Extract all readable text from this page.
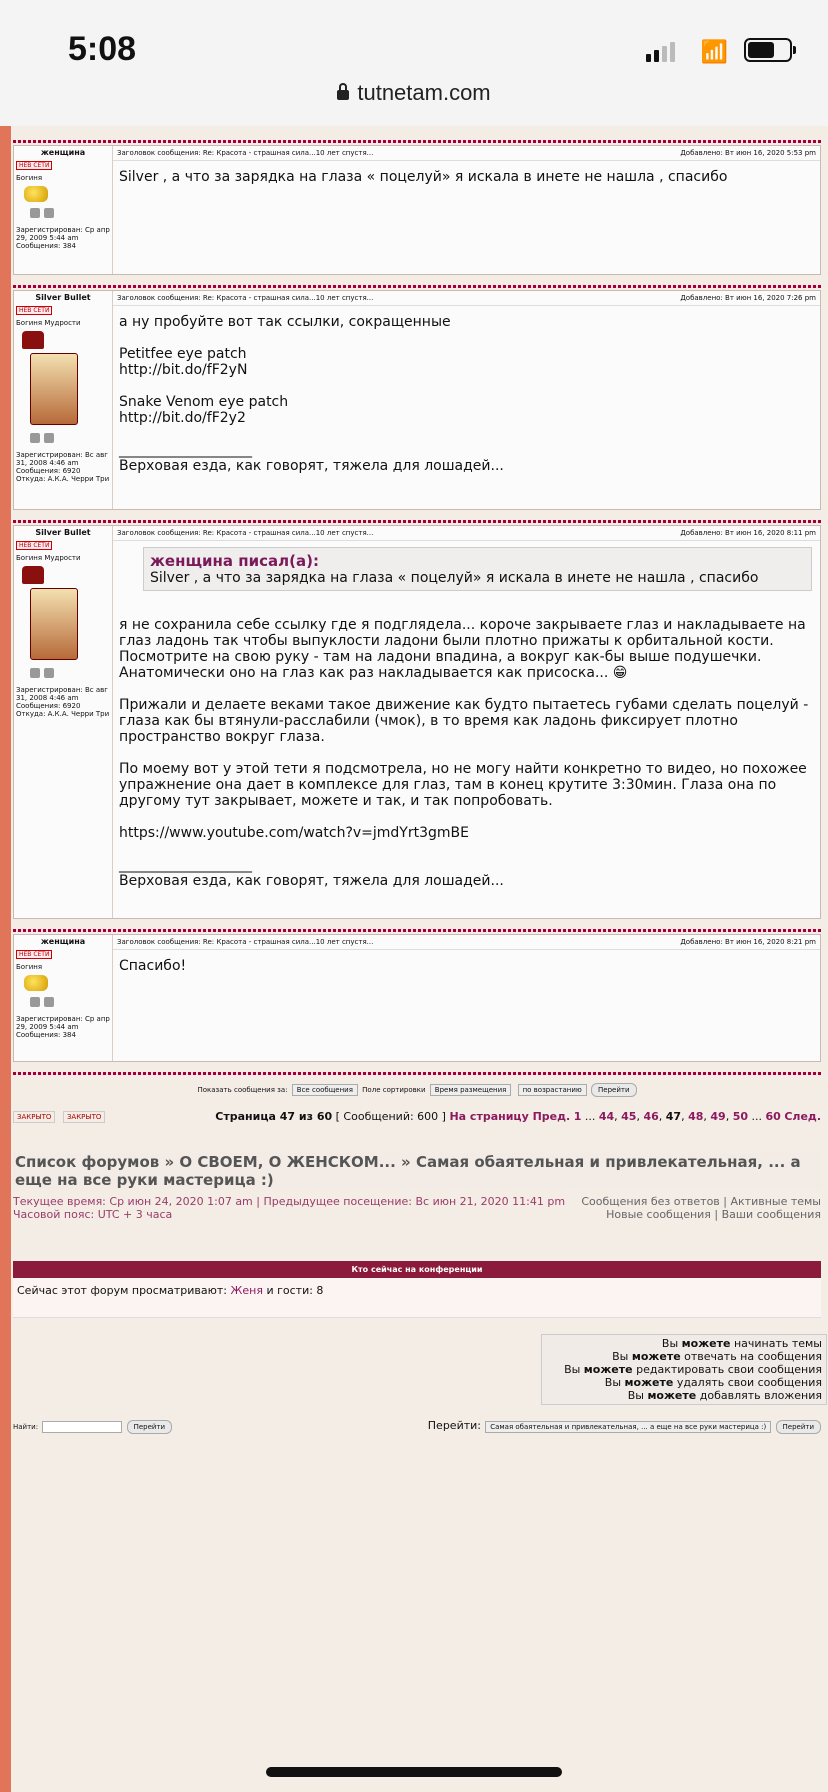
5:08	📶
tutnetam.com
женщина
НЕВ СЕТИ
Богиня
Зарегистрирован: Ср апр 29, 2009 5:44 am
Сообщения: 384
Заголовок сообщения: Re: Красота - страшная сила...10 лет спустя...	Добавлено: Вт июн 16, 2020 5:53 pm
Silver , а что за зарядка на глаза « поцелуй» я искала в инете не нашла , спасибо
Silver Bullet
НЕВ СЕТИ
Богиня Мудрости
Зарегистрирован: Вс авг 31, 2008 4:46 am
Сообщения: 6920
Откуда: А.К.А. Черри Три
Заголовок сообщения: Re: Красота - страшная сила...10 лет спустя...	Добавлено: Вт июн 16, 2020 7:26 pm
а ну пробуйте вот так ссылки, сокращенные

Petitfee eye patch
http://bit.do/fF2yN

Snake Venom eye patch
http://bit.do/fF2y2

___________________
Верховая езда, как говорят, тяжела для лошадей...
Silver Bullet
НЕВ СЕТИ
Богиня Мудрости
Зарегистрирован: Вс авг 31, 2008 4:46 am
Сообщения: 6920
Откуда: А.К.А. Черри Три
Заголовок сообщения: Re: Красота - страшная сила...10 лет спустя...	Добавлено: Вт июн 16, 2020 8:11 pm
женщина писал(а):
Silver , а что за зарядка на глаза « поцелуй» я искала в инете не нашла , спасибо
я не сохранила себе ссылку где я подглядела... короче закрываете глаз и накладываете на глаз ладонь так чтобы выпуклости ладони были плотно прижаты к орбитальной кости. Посмотрите на свою руку - там на ладони впадина, а вокруг как-бы выше подушечки. Анатомически оно на глаз как раз накладывается как присоска... 😁

Прижали и делаете веками такое движение как будто пытаетесь губами сделать поцелуй - глаза как бы втянули-расслабили (чмок), в то время как ладонь фиксирует плотно пространство вокруг глаза.

По моему вот у этой тети я подсмотрела, но не могу найти конкретно то видео, но похожее упражнение она дает в комплексе для глаз, там в конец крутите 3:30мин. Глаза она по другому тут закрывает, можете и так, и так попробовать.

https://www.youtube.com/watch?v=jmdYrt3gmBE

___________________
Верховая езда, как говорят, тяжела для лошадей...
женщина
НЕВ СЕТИ
Богиня
Зарегистрирован: Ср апр 29, 2009 5:44 am
Сообщения: 384
Заголовок сообщения: Re: Красота - страшная сила...10 лет спустя...	Добавлено: Вт июн 16, 2020 8:21 pm
Спасибо!
Показать сообщения за: Все сообщения Поле сортировки Время размещения по возрастанию Перейти
ЗАКРЫТО ЗАКРЫТО	Страница 47 из 60 [ Сообщений: 600 ] На страницу Пред. 1 ... 44, 45, 46, 47, 48, 49, 50 ... 60 След.
Список форумов » О СВОЕМ, О ЖЕНСКОМ... » Самая обаятельная и привлекательная, ... а еще на все руки мастерица :)
Текущее время: Ср июн 24, 2020 1:07 am | Предыдущее посещение: Вс июн 21, 2020 11:41 pm
Часовой пояс: UTC + 3 часа
Сообщения без ответов | Активные темы
Новые сообщения | Ваши сообщения
Кто сейчас на конференции
Сейчас этот форум просматривают: Женя и гости: 8
Вы можете начинать темы
Вы можете отвечать на сообщения
Вы можете редактировать свои сообщения
Вы можете удалять свои сообщения
Вы можете добавлять вложения
Найти:	Перейти	Перейти: Самая обаятельная и привлекательная, ... а еще на все руки мастерица :) Перейти
